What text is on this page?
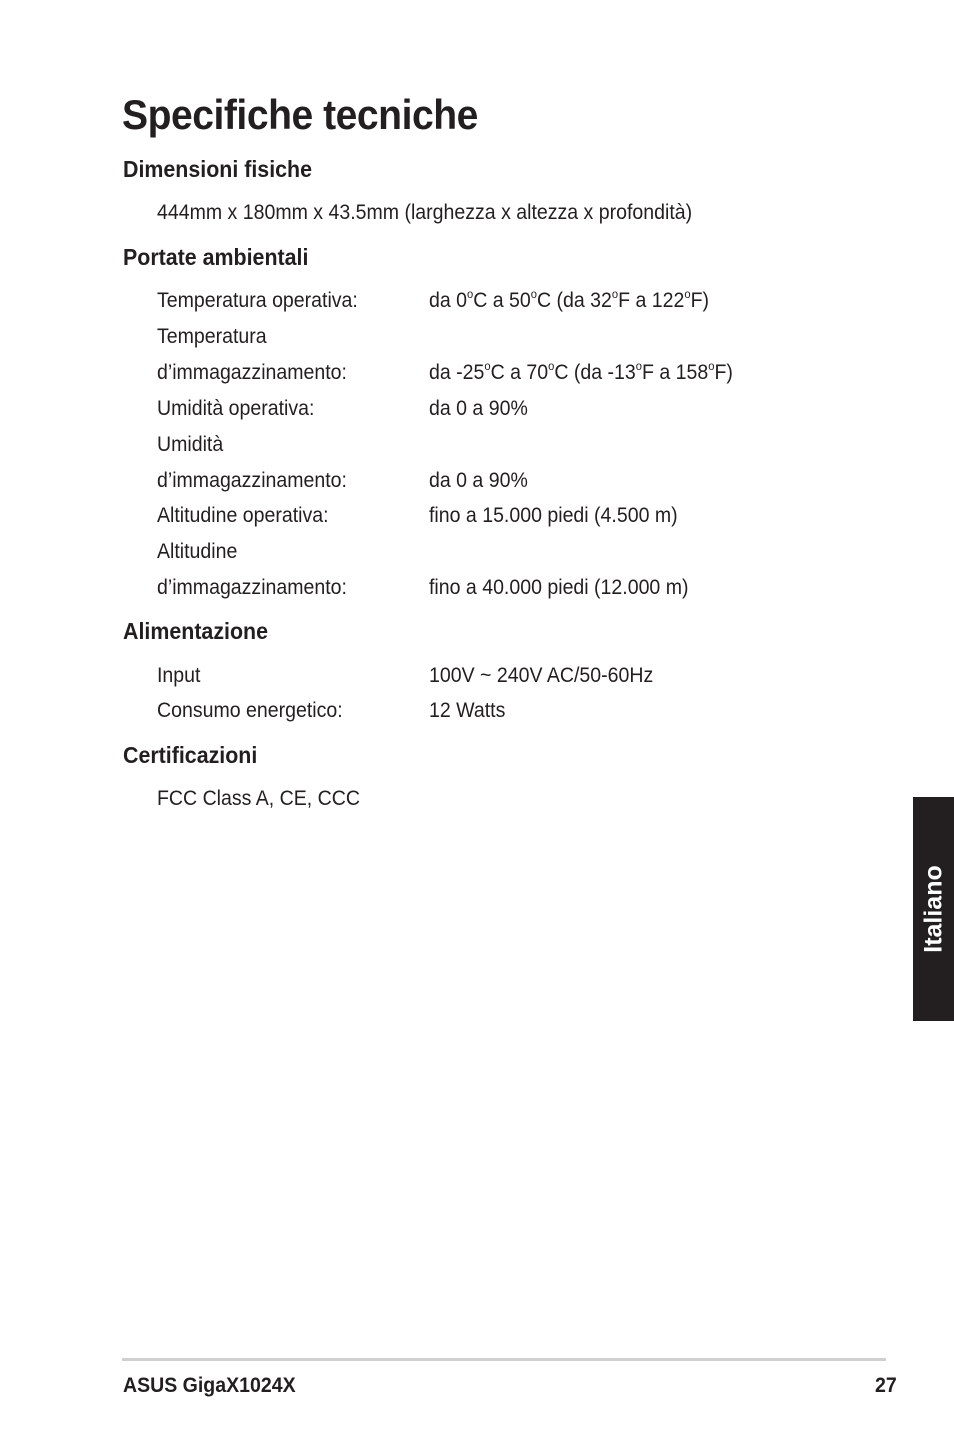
Specifiche tecniche
Dimensioni fisiche
444mm x 180mm x 43.5mm (larghezza x altezza x profondità)
Portate ambientali
Temperatura operativa:	da 0$^o$C a 50$^o$C (da 32$^o$F a 122$^o$F)
Temperatura
d’immagazzinamento:	da -25$^o$C a 70$^o$C (da -13$^o$F a 158$^o$F)
Umidità operativa:	da 0 a 90%
Umidità
d’immagazzinamento:	da 0 a 90%
Altitudine operativa:	fino a 15.000 piedi (4.500 m)
Altitudine
d’immagazzinamento:	fino a 40.000 piedi (12.000 m)
Alimentazione
Input	100V ~ 240V AC/50-60Hz
Consumo energetico:	12 Watts
Certificazioni
FCC Class A, CE, CCC
Italiano
ASUS GigaX1024X	27
